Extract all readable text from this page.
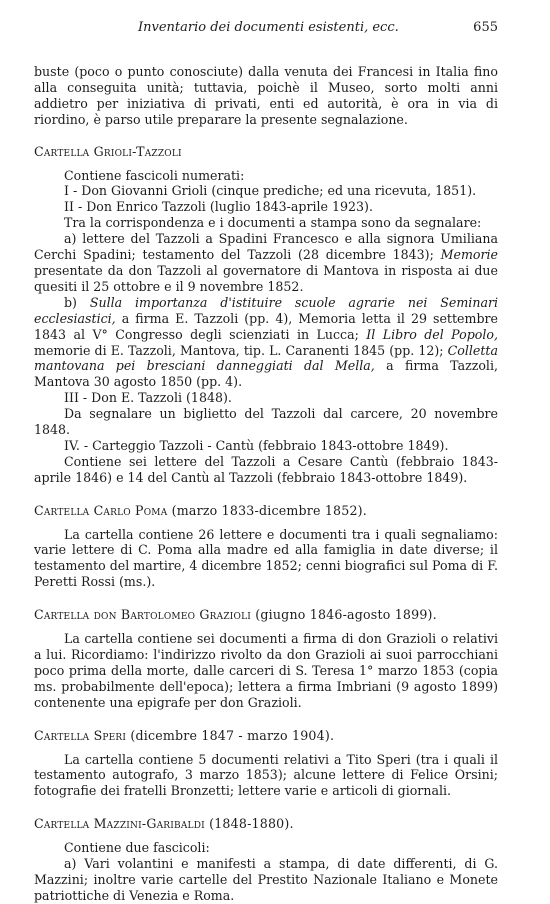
Inventario dei documenti esistenti, ecc.	655

buste (poco o punto conosciute) dalla venuta dei Francesi in Italia fino alla conseguita unità; tuttavia, poichè il Museo, sorto molti anni addietro per iniziativa di privati, enti ed autorità, è ora in via di riordino, è parso utile preparare la presente segnalazione.

Cartella Grioli-Tazzoli

Contiene fascicoli numerati:

I - Don Giovanni Grioli (cinque prediche; ed una ricevuta, 1851).

II - Don Enrico Tazzoli (luglio 1843-aprile 1923).

Tra la corrispondenza e i documenti a stampa sono da segnalare:

a) lettere del Tazzoli a Spadini Francesco e alla signora Umiliana Cerchi Spadini; testamento del Tazzoli (28 dicembre 1843); Memorie presentate da don Tazzoli al governatore di Mantova in risposta ai due quesiti il 25 ottobre e il 9 novembre 1852.

b) Sulla importanza d'istituire scuole agrarie nei Seminari ecclesiastici, a firma E. Tazzoli (pp. 4), Memoria letta il 29 settembre 1843 al V° Congresso degli scienziati in Lucca; Il Libro del Popolo, memorie di E. Tazzoli, Mantova, tip. L. Caranenti 1845 (pp. 12); Colletta mantovana pei bresciani danneggiati dal Mella, a firma Tazzoli, Mantova 30 agosto 1850 (pp. 4).

III - Don E. Tazzoli (1848).

Da segnalare un biglietto del Tazzoli dal carcere, 20 novembre 1848.

IV. - Carteggio Tazzoli - Cantù (febbraio 1843-ottobre 1849).

Contiene sei lettere del Tazzoli a Cesare Cantù (febbraio 1843-aprile 1846) e 14 del Cantù al Tazzoli (febbraio 1843-ottobre 1849).

Cartella Carlo Poma (marzo 1833-dicembre 1852).

La cartella contiene 26 lettere e documenti tra i quali segnaliamo: varie lettere di C. Poma alla madre ed alla famiglia in date diverse; il testamento del martire, 4 dicembre 1852; cenni biografici sul Poma di F. Peretti Rossi (ms.).

Cartella don Bartolomeo Grazioli (giugno 1846-agosto 1899).

La cartella contiene sei documenti a firma di don Grazioli o relativi a lui. Ricordiamo: l'indirizzo rivolto da don Grazioli ai suoi parrocchiani poco prima della morte, dalle carceri di S. Teresa 1° marzo 1853 (copia ms. probabilmente dell'epoca); lettera a firma Imbriani (9 agosto 1899) contenente una epigrafe per don Grazioli.

Cartella Speri (dicembre 1847 - marzo 1904).

La cartella contiene 5 documenti relativi a Tito Speri (tra i quali il testamento autografo, 3 marzo 1853); alcune lettere di Felice Orsini; fotografie dei fratelli Bronzetti; lettere varie e articoli di giornali.

Cartella Mazzini-Garibaldi (1848-1880).

Contiene due fascicoli:

a) Vari volantini e manifesti a stampa, di date differenti, di G. Mazzini; inoltre varie cartelle del Prestito Nazionale Italiano e Monete patriottiche di Venezia e Roma.
